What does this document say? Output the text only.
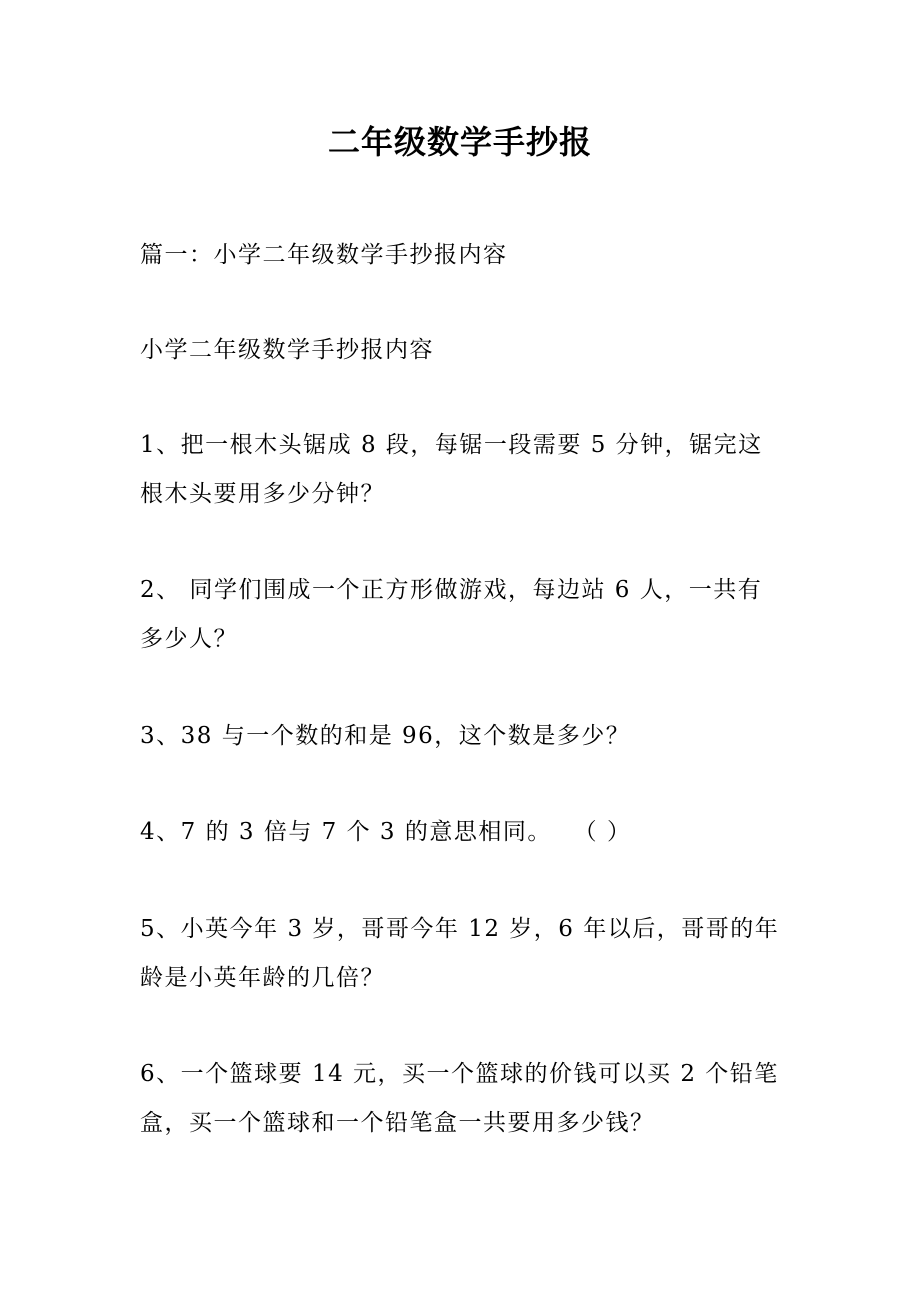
二年级数学手抄报

篇一：小学二年级数学手抄报内容

小学二年级数学手抄报内容

1、把一根木头锯成 8 段，每锯一段需要 5 分钟，锯完这根木头要用多少分钟？

2、 同学们围成一个正方形做游戏，每边站 6 人，一共有多少人？

3、38 与一个数的和是 96，这个数是多少？

4、7 的 3 倍与 7 个 3 的意思相同。　 （ ）

5、小英今年 3 岁，哥哥今年 12 岁，6 年以后，哥哥的年龄是小英年龄的几倍？

6、一个篮球要 14 元，买一个篮球的价钱可以买 2 个铅笔盒，买一个篮球和一个铅笔盒一共要用多少钱？
